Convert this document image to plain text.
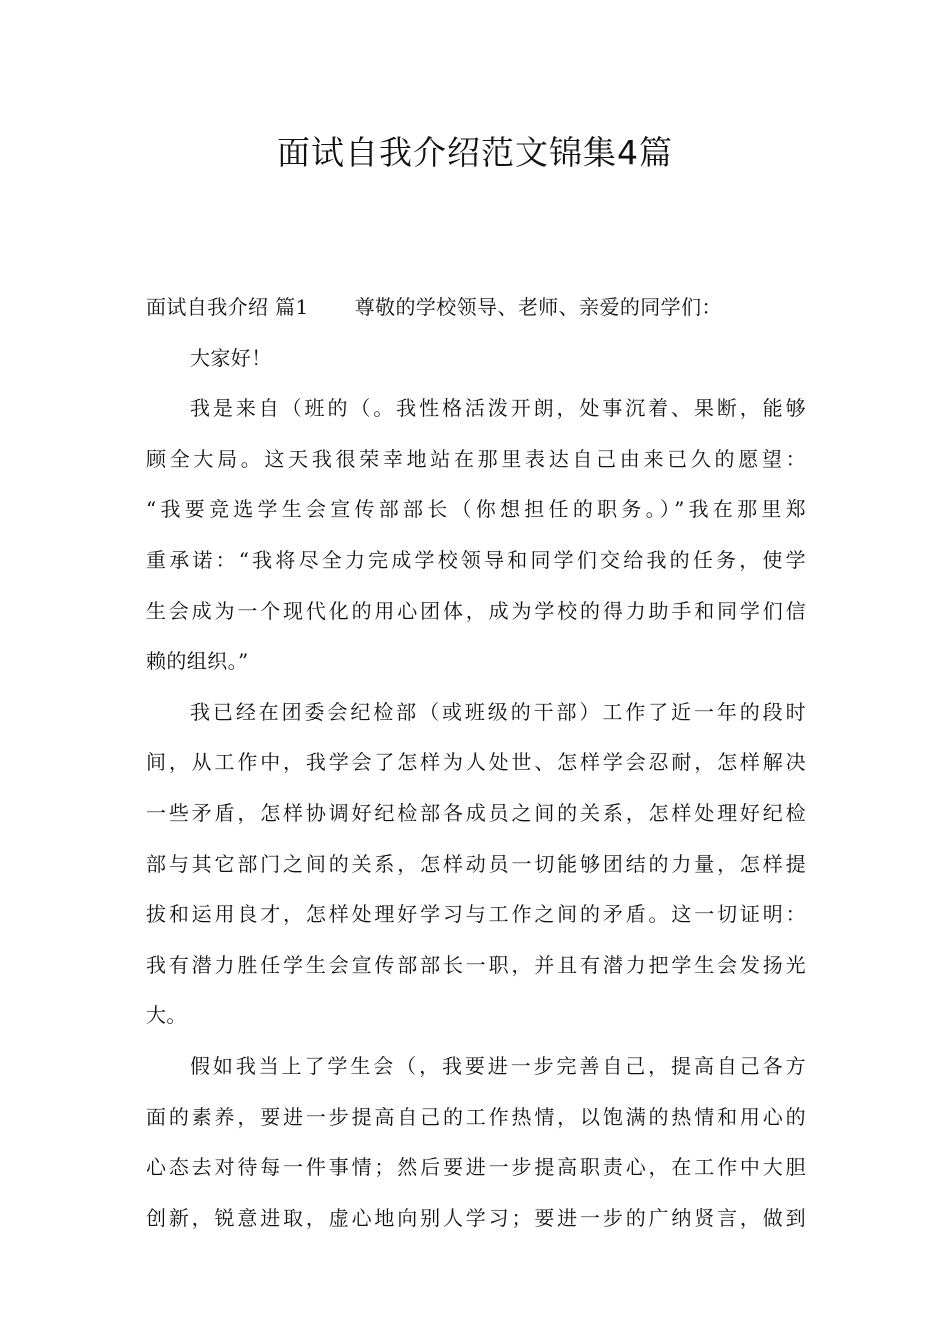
面试自我介绍范文锦集4篇

面试自我介绍 篇1 尊敬的学校领导、老师、亲爱的同学们：

大家好！

我是来自（班的（。我性格活泼开朗，处事沉着、果断，能够

顾全大局。这天我很荣幸地站在那里表达自己由来已久的愿望：

“我要竞选学生会宣传部部长（你想担任的职务。）”我在那里郑

重承诺：“我将尽全力完成学校领导和同学们交给我的任务，使学

生会成为一个现代化的用心团体，成为学校的得力助手和同学们信

赖的组织。”

我已经在团委会纪检部（或班级的干部）工作了近一年的段时

间，从工作中，我学会了怎样为人处世、怎样学会忍耐，怎样解决

一些矛盾，怎样协调好纪检部各成员之间的关系，怎样处理好纪检

部与其它部门之间的关系，怎样动员一切能够团结的力量，怎样提

拔和运用良才，怎样处理好学习与工作之间的矛盾。这一切证明：

我有潜力胜任学生会宣传部部长一职，并且有潜力把学生会发扬光

大。

假如我当上了学生会（，我要进一步完善自己，提高自己各方

面的素养，要进一步提高自己的工作热情，以饱满的热情和用心的

心态去对待每一件事情；然后要进一步提高职责心，在工作中大胆

创新，锐意进取，虚心地向别人学习；要进一步的广纳贤言，做到
